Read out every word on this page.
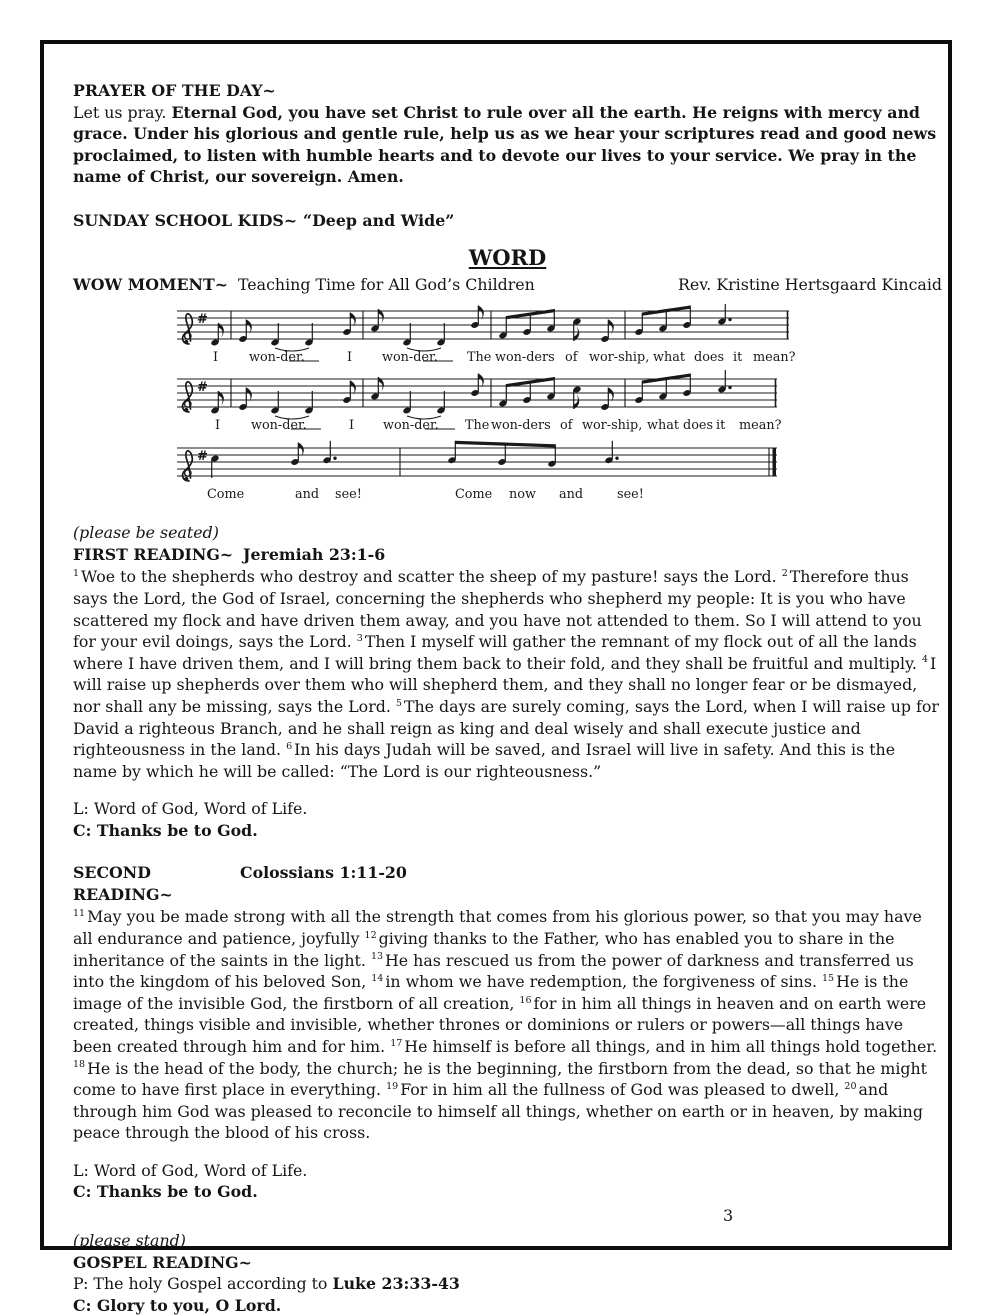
PRAYER OF THE DAY~

Let us pray. Eternal God, you have set Christ to rule over all the earth. He reigns with mercy and grace. Under his glorious and gentle rule, help us as we hear your scriptures read and good news proclaimed, to listen with humble hearts and to devote our lives to your service. We pray in the name of Christ, our sovereign. Amen.

SUNDAY SCHOOL KIDS~ “Deep and Wide”
WORD
WOW MOMENT~ Teaching Time for All God’s Children	Rev. Kristine Hertsgaard Kincaid
#
I won-der.	I won-der. The won-ders of wor-ship, what does it mean?
#
I won-der.	I won-der. The won-ders of wor-ship, what does it mean?
#
Come	and see!	Come now and	see!
(please be seated)
FIRST READING~ Jeremiah 23:1-6

$^1$ Woe to the shepherds who destroy and scatter the sheep of my pasture! says the Lord. $^2$ Therefore thus says the Lord, the God of Israel, concerning the shepherds who shepherd my people: It is you who have scattered my flock and have driven them away, and you have not attended to them. So I will attend to you for your evil doings, says the Lord. $^3$ Then I myself will gather the remnant of my flock out of all the lands where I have driven them, and I will bring them back to their fold, and they shall be fruitful and multiply. $^4$ I will raise up shepherds over them who will shepherd them, and they shall no longer fear or be dismayed, nor shall any be missing, says the Lord. $^5$ The days are surely coming, says the Lord, when I will raise up for David a righteous Branch, and he shall reign as king and deal wisely and shall execute justice and righteousness in the land. $^6$ In his days Judah will be saved, and Israel will live in safety. And this is the name by which he will be called: “The Lord is our righteousness.”

L: Word of God, Word of Life.

C: Thanks be to God.

SECOND READING~
Colossians 1:11-20

$^{11}$ May you be made strong with all the strength that comes from his glorious power, so that you may have all endurance and patience, joyfully $^{12}$ giving thanks to the Father, who has enabled you to share in the inheritance of the saints in the light. $^{13}$ He has rescued us from the power of darkness and transferred us into the kingdom of his beloved Son, $^{14}$ in whom we have redemption, the forgiveness of sins. $^{15}$ He is the image of the invisible God, the firstborn of all creation, $^{16}$ for in him all things in heaven and on earth were created, things visible and invisible, whether thrones or dominions or rulers or powers—all things have been created through him and for him. $^{17}$ He himself is before all things, and in him all things hold together. $^{18}$ He is the head of the body, the church; he is the beginning, the firstborn from the dead, so that he might come to have first place in everything. $^{19}$ For in him all the fullness of God was pleased to dwell, $^{20}$ and through him God was pleased to reconcile to himself all things, whether on earth or in heaven, by making peace through the blood of his cross.

L: Word of God, Word of Life.

C: Thanks be to God.

(please stand)
GOSPEL READING~

P: The holy Gospel according to Luke 23:33-43

C: Glory to you, O Lord.

3
